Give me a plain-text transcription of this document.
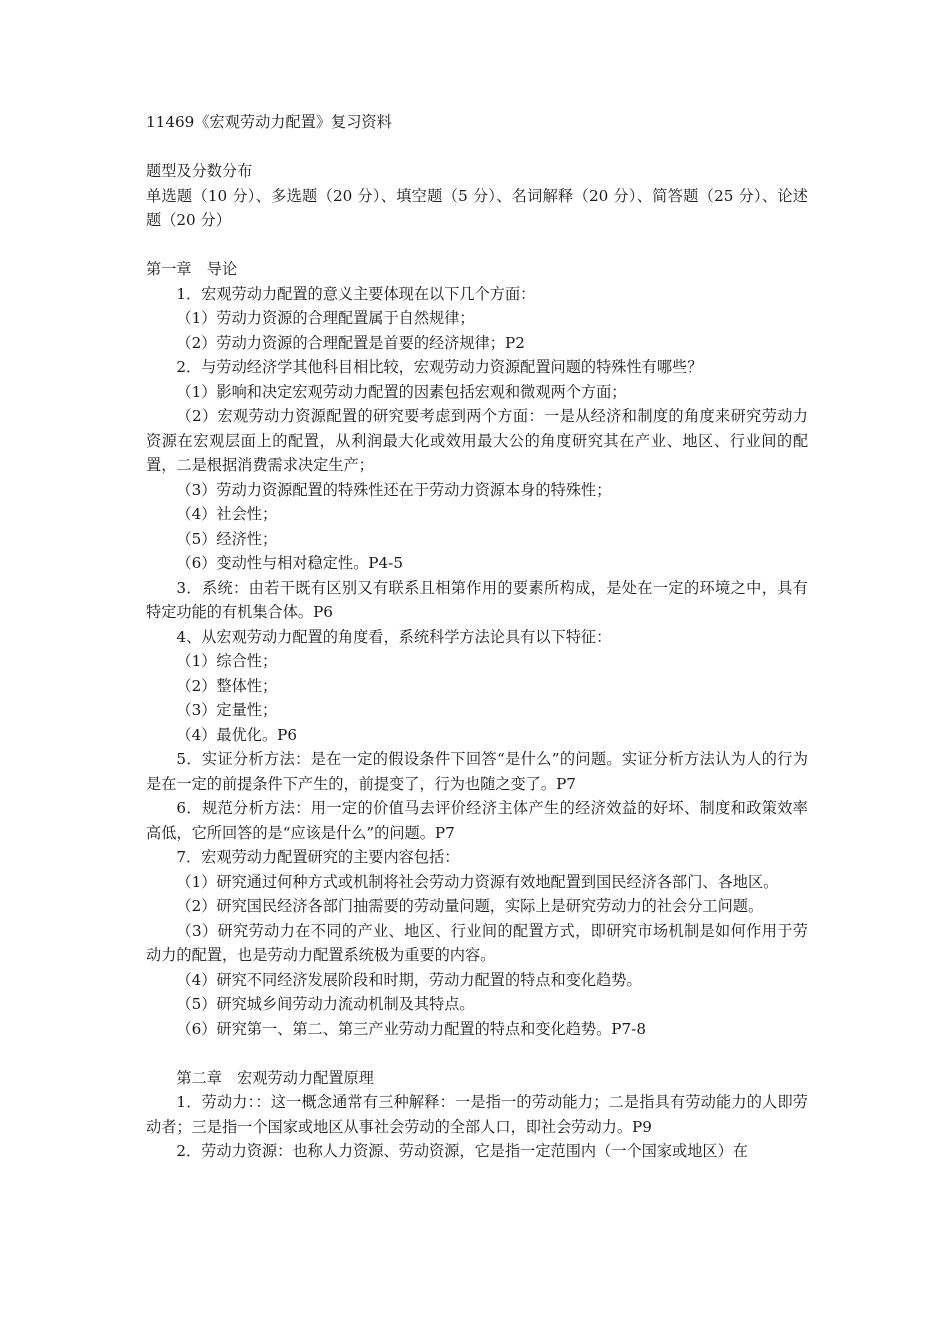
11469《宏观劳动力配置》复习资料
题型及分数分布
单选题（10 分）、多选题（20 分）、填空题（5 分）、名词解释（20 分）、简答题（25 分）、论述题（20 分）
第一章　导论
1．宏观劳动力配置的意义主要体现在以下几个方面：
（1）劳动力资源的合理配置属于自然规律；
（2）劳动力资源的合理配置是首要的经济规律；P2
2．与劳动经济学其他科目相比较，宏观劳动力资源配置问题的特殊性有哪些？
（1）影响和决定宏观劳动力配置的因素包括宏观和微观两个方面；
（2）宏观劳动力资源配置的研究要考虑到两个方面：一是从经济和制度的角度来研究劳动力资源在宏观层面上的配置，从利润最大化或效用最大公的角度研究其在产业、地区、行业间的配置，二是根据消费需求决定生产；
（3）劳动力资源配置的特殊性还在于劳动力资源本身的特殊性；
（4）社会性；
（5）经济性；
（6）变动性与相对稳定性。P4-5
3．系统：由若干既有区别又有联系且相第作用的要素所构成，是处在一定的环境之中，具有特定功能的有机集合体。P6
4、从宏观劳动力配置的角度看，系统科学方法论具有以下特征：
（1）综合性；
（2）整体性；
（3）定量性；
（4）最优化。P6
5．实证分析方法：是在一定的假设条件下回答“是什么”的问题。实证分析方法认为人的行为是在一定的前提条件下产生的，前提变了，行为也随之变了。P7
6．规范分析方法：用一定的价值马去评价经济主体产生的经济效益的好坏、制度和政策效率高低，它所回答的是“应该是什么”的问题。P7
7．宏观劳动力配置研究的主要内容包括：
（1）研究通过何种方式或机制将社会劳动力资源有效地配置到国民经济各部门、各地区。
（2）研究国民经济各部门抽需要的劳动量问题，实际上是研究劳动力的社会分工问题。
（3）研究劳动力在不同的产业、地区、行业间的配置方式，即研究市场机制是如何作用于劳动力的配置，也是劳动力配置系统极为重要的内容。
（4）研究不同经济发展阶段和时期，劳动力配置的特点和变化趋势。
（5）研究城乡间劳动力流动机制及其特点。
（6）研究第一、第二、第三产业劳动力配置的特点和变化趋势。P7-8
第二章　宏观劳动力配置原理
1．劳动力：：这一概念通常有三种解释：一是指一的劳动能力；二是指具有劳动能力的人即劳动者；三是指一个国家或地区从事社会劳动的全部人口，即社会劳动力。P9
2．劳动力资源：也称人力资源、劳动资源，它是指一定范围内（一个国家或地区）在
